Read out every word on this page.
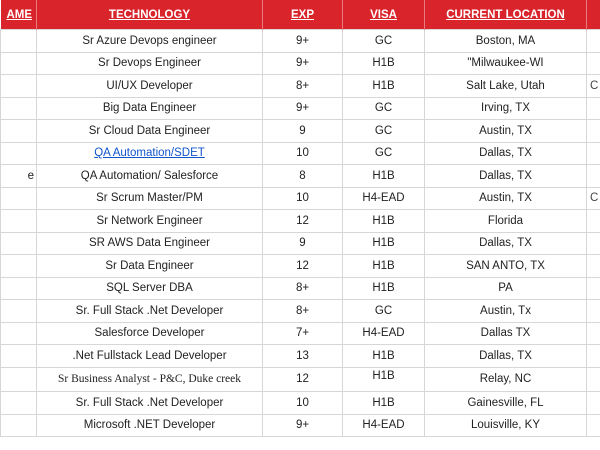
AME	TECHNOLOGY	EXP	VISA	CURRENT LOCATION	
	Sr Azure Devops engineer	9+	GC	Boston, MA	
	Sr Devops Engineer	9+	H1B	"Milwaukee-WI	
	UI/UX Developer	8+	H1B	Salt Lake, Utah	C
	Big Data Engineer	9+	GC	Irving, TX	
	Sr Cloud Data Engineer	9	GC	Austin, TX	
	QA Automation/SDET	10	GC	Dallas, TX	
e	QA Automation/ Salesforce	8	H1B	Dallas, TX	
	Sr Scrum Master/PM	10	H4-EAD	Austin, TX	C
	Sr Network Engineer	12	H1B	Florida	
	SR AWS Data Engineer	9	H1B	Dallas, TX	
	Sr Data Engineer	12	H1B	SAN ANTO, TX	
	SQL Server DBA	8+	H1B	PA	
	Sr. Full Stack .Net Developer	8+	GC	Austin, Tx	
	Salesforce Developer	7+	H4-EAD	Dallas TX	
	.Net Fullstack Lead Developer	13	H1B	Dallas, TX	
	Sr Business Analyst - P&C, Duke creek	12	H1B	Relay, NC	
	Sr. Full Stack .Net Developer	10	H1B	Gainesville, FL	
	Microsoft .NET Developer	9+	H4-EAD	Louisville, KY	
